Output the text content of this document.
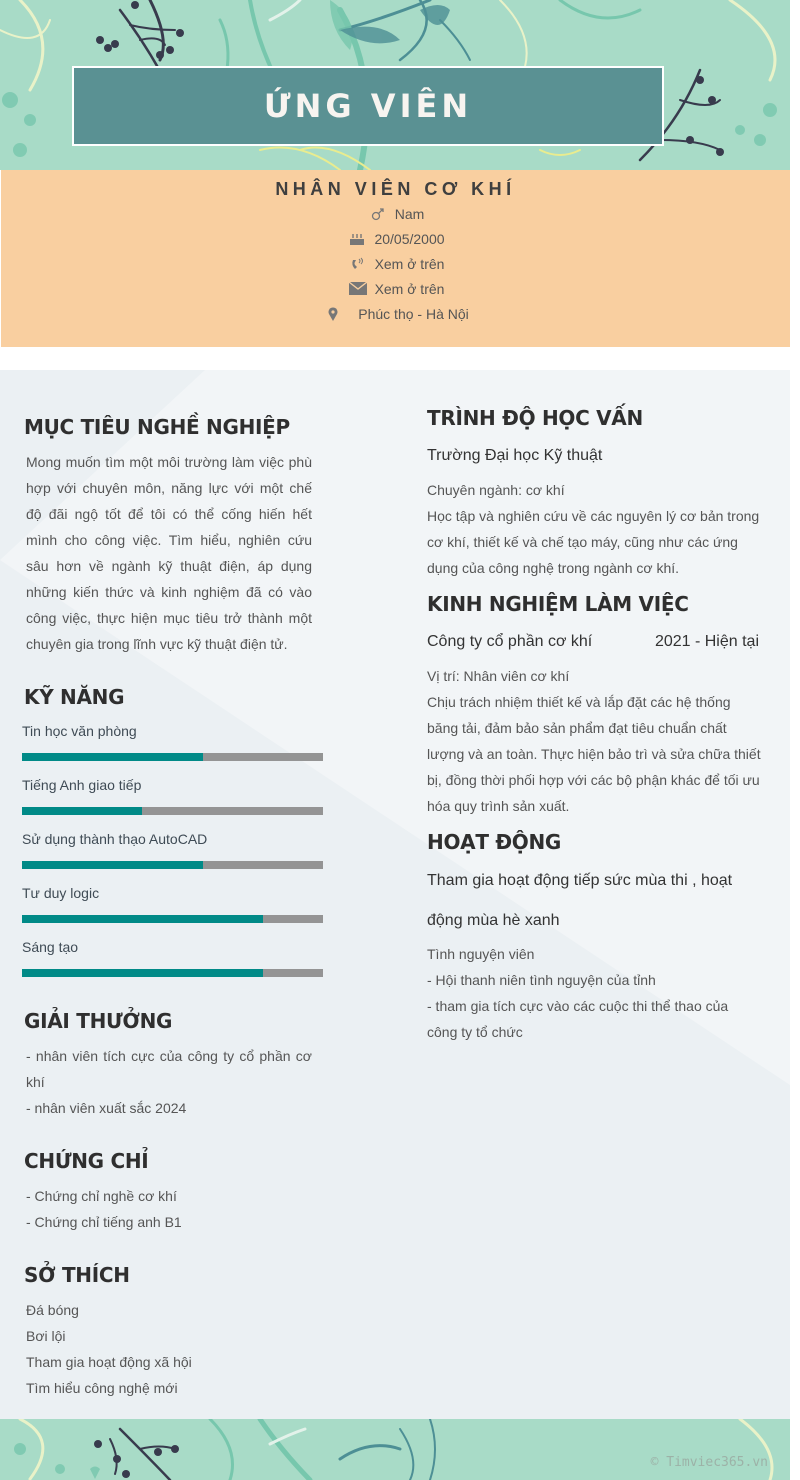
ỨNG VIÊN
NHÂN VIÊN CƠ KHÍ
Nam
20/05/2000
Xem ở trên
Xem ở trên
Phúc thọ - Hà Nội
MỤC TIÊU NGHỀ NGHIỆP
Mong muốn tìm một môi trường làm việc phù hợp với chuyên môn, năng lực với một chế độ đãi ngộ tốt để tôi có thể cống hiến hết mình cho công việc. Tìm hiểu, nghiên cứu sâu hơn về ngành kỹ thuật điện, áp dụng những kiến thức và kinh nghiệm đã có vào công việc, thực hiện mục tiêu trở thành một chuyên gia trong lĩnh vực kỹ thuật điện tử.
KỸ NĂNG
Tin học văn phòng
Tiếng Anh giao tiếp
Sử dụng thành thạo AutoCAD
Tư duy logic
Sáng tạo
GIẢI THƯỞNG
- nhân viên tích cực của công ty cổ phần cơ khí
- nhân viên xuất sắc 2024
CHỨNG CHỈ
- Chứng chỉ nghề cơ khí
- Chứng chỉ tiếng anh B1
SỞ THÍCH
Đá bóng
Bơi lội
Tham gia hoạt động xã hội
Tìm hiểu công nghệ mới
TRÌNH ĐỘ HỌC VẤN
Trường Đại học Kỹ thuật
Chuyên ngành: cơ khí
Học tập và nghiên cứu về các nguyên lý cơ bản trong
cơ khí, thiết kế và chế tạo máy, cũng như các ứng
dụng của công nghệ trong ngành cơ khí.
KINH NGHIỆM LÀM VIỆC
Công ty cổ phần cơ khí	2021 - Hiện tại
Vị trí: Nhân viên cơ khí
Chịu trách nhiệm thiết kế và lắp đặt các hệ thống
băng tải, đảm bảo sản phẩm đạt tiêu chuẩn chất
lượng và an toàn. Thực hiện bảo trì và sửa chữa thiết
bị, đồng thời phối hợp với các bộ phận khác để tối ưu
hóa quy trình sản xuất.
HOẠT ĐỘNG
Tham gia hoạt động tiếp sức mùa thi , hoạt
động mùa hè xanh
Tình nguyện viên
- Hội thanh niên tình nguyện của tỉnh
- tham gia tích cực vào các cuộc thi thể thao của
công ty tổ chức
© Timviec365.vn
